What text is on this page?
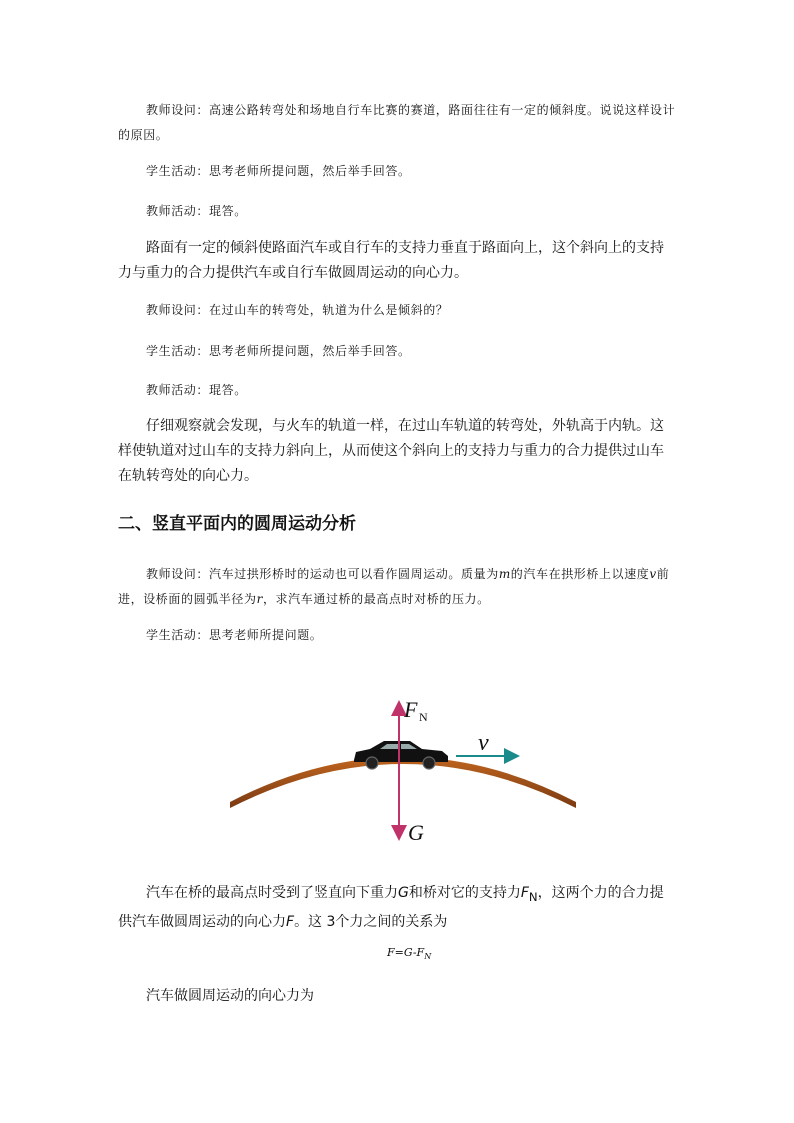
教师设问：高速公路转弯处和场地自行车比赛的赛道，路面往往有一定的倾斜度。说说这样设计的原因。

学生活动：思考老师所提问题，然后举手回答。

教师活动：琨答。

路面有一定的倾斜使路面汽车或自行车的支持力垂直于路面向上，这个斜向上的支持力与重力的合力提供汽车或自行车做圆周运动的向心力。

教师设问：在过山车的转弯处，轨道为什么是倾斜的？

学生活动：思考老师所提问题，然后举手回答。

教师活动：琨答。

仔细观察就会发现，与火车的轨道一样，在过山车轨道的转弯处，外轨高于内轨。这样使轨道对过山车的支持力斜向上，从而使这个斜向上的支持力与重力的合力提供过山车在轨转弯处的向心力。

二、竖直平面内的圆周运动分析

教师设问：汽车过拱形桥时的运动也可以看作圆周运动。质量为m的汽车在拱形桥上以速度v前进，设桥面的圆弧半径为r，求汽车通过桥的最高点时对桥的压力。

学生活动：思考老师所提问题。

F N
v
G

汽车在桥的最高点时受到了竖直向下重力G和桥对它的支持力$F_N$，这两个力的合力提供汽车做圆周运动的向心力F。这 3个力之间的关系为

$F=G-F_N$

汽车做圆周运动的向心力为
